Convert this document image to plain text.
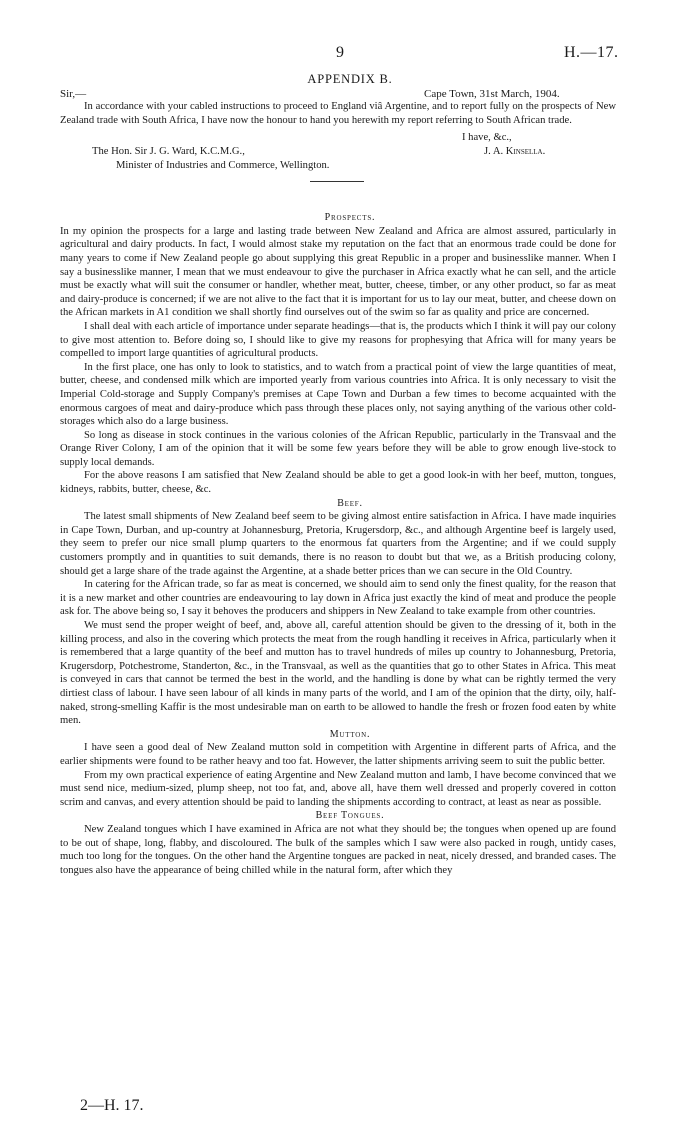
9	H.—17.
APPENDIX B.
Sir,—	Cape Town, 31st March, 1904.

In accordance with your cabled instructions to proceed to England viâ Argentine, and to report fully on the prospects of New Zealand trade with South Africa, I have now the honour to hand you herewith my report referring to South African trade.

I have, &c.,
J. A. Kinsella.
The Hon. Sir J. G. Ward, K.C.M.G.,
Minister of Industries and Commerce, Wellington.

Prospects.

In my opinion the prospects for a large and lasting trade between New Zealand and Africa are almost assured, particularly in agricultural and dairy products. In fact, I would almost stake my reputation on the fact that an enormous trade could be done for many years to come if New Zealand people go about supplying this great Republic in a proper and businesslike manner. When I say a businesslike manner, I mean that we must endeavour to give the purchaser in Africa exactly what he can sell, and the article must be exactly what will suit the consumer or handler, whether meat, butter, cheese, timber, or any other product, so far as meat and dairy-produce is concerned; if we are not alive to the fact that it is important for us to lay our meat, butter, and cheese down on the African markets in A1 condition we shall shortly find ourselves out of the swim so far as quality and price are concerned.

I shall deal with each article of importance under separate headings—that is, the products which I think it will pay our colony to give most attention to. Before doing so, I should like to give my reasons for prophesying that Africa will for many years be compelled to import large quantities of agricultural products.

In the first place, one has only to look to statistics, and to watch from a practical point of view the large quantities of meat, butter, cheese, and condensed milk which are imported yearly from various countries into Africa. It is only necessary to visit the Imperial Cold-storage and Supply Company's premises at Cape Town and Durban a few times to become acquainted with the enormous cargoes of meat and dairy-produce which pass through these places only, not saying anything of the various other cold-storages which also do a large business.

So long as disease in stock continues in the various colonies of the African Republic, particularly in the Transvaal and the Orange River Colony, I am of the opinion that it will be some few years before they will be able to grow enough live-stock to supply local demands.

For the above reasons I am satisfied that New Zealand should be able to get a good look-in with her beef, mutton, tongues, kidneys, rabbits, butter, cheese, &c.

Beef.

The latest small shipments of New Zealand beef seem to be giving almost entire satisfaction in Africa. I have made inquiries in Cape Town, Durban, and up-country at Johannesburg, Pretoria, Krugersdorp, &c., and although Argentine beef is largely used, they seem to prefer our nice small plump quarters to the enormous fat quarters from the Argentine; and if we could supply customers promptly and in quantities to suit demands, there is no reason to doubt but that we, as a British producing colony, should get a large share of the trade against the Argentine, at a shade better prices than we can secure in the Old Country.

In catering for the African trade, so far as meat is concerned, we should aim to send only the finest quality, for the reason that it is a new market and other countries are endeavouring to lay down in Africa just exactly the kind of meat and produce the people ask for. The above being so, I say it behoves the producers and shippers in New Zealand to take example from other countries.

We must send the proper weight of beef, and, above all, careful attention should be given to the dressing of it, both in the killing process, and also in the covering which protects the meat from the rough handling it receives in Africa, particularly when it is remembered that a large quantity of the beef and mutton has to travel hundreds of miles up country to Johannesburg, Pretoria, Krugersdorp, Potchestrome, Standerton, &c., in the Transvaal, as well as the quantities that go to other States in Africa. This meat is conveyed in cars that cannot be termed the best in the world, and the handling is done by what can be rightly termed the very dirtiest class of labour. I have seen labour of all kinds in many parts of the world, and I am of the opinion that the dirty, oily, half-naked, strong-smelling Kaffir is the most undesirable man on earth to be allowed to handle the fresh or frozen food eaten by white men.

Mutton.

I have seen a good deal of New Zealand mutton sold in competition with Argentine in different parts of Africa, and the earlier shipments were found to be rather heavy and too fat. However, the latter shipments arriving seem to suit the public better.

From my own practical experience of eating Argentine and New Zealand mutton and lamb, I have become convinced that we must send nice, medium-sized, plump sheep, not too fat, and, above all, have them well dressed and properly covered in cotton scrim and canvas, and every attention should be paid to landing the shipments according to contract, at least as near as possible.

Beef Tongues.

New Zealand tongues which I have examined in Africa are not what they should be; the tongues when opened up are found to be out of shape, long, flabby, and discoloured. The bulk of the samples which I saw were also packed in rough, untidy cases, much too long for the tongues. On the other hand the Argentine tongues are packed in neat, nicely dressed, and branded cases. The tongues also have the appearance of being chilled while in the natural form, after which they

2—H. 17.
